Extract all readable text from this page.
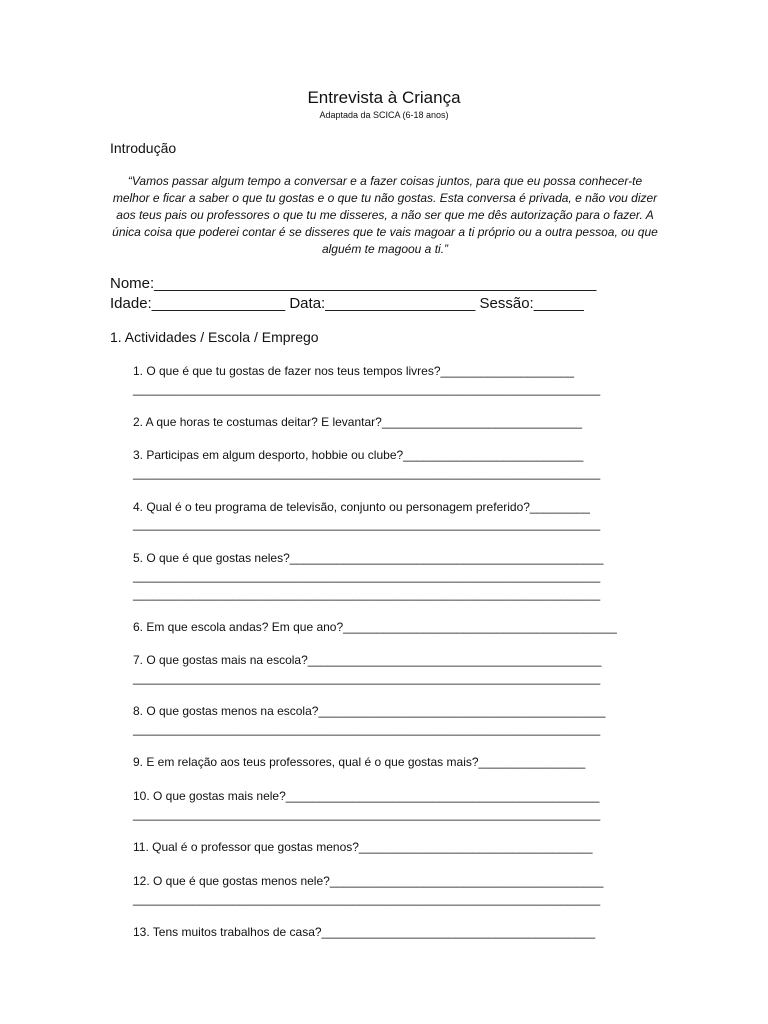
Entrevista à Criança
Adaptada da SCICA (6-18 anos)
Introdução
“Vamos passar algum tempo a conversar e a fazer coisas juntos, para que eu possa conhecer-te melhor e ficar a saber o que tu gostas e o que tu não gostas. Esta conversa é privada, e não vou dizer aos teus pais ou professores o que tu me disseres, a não ser que me dês autorização para o fazer. A única coisa que poderei contar é se disseres que te vais magoar a ti próprio ou a outra pessoa, ou que alguém te magoou a ti.”
Nome:_____________________________________________________
Idade:________________ Data:__________________ Sessão:______
1. Actividades / Escola / Emprego
1. O que é que tu gostas de fazer nos teus tempos livres?____________________
______________________________________________________________________
2. A que horas te costumas deitar? E levantar?______________________________
3. Participas em algum desporto, hobbie ou clube?___________________________
______________________________________________________________________
4. Qual é o teu programa de televisão, conjunto ou personagem preferido?_________
______________________________________________________________________
5. O que é que gostas neles?_______________________________________________
______________________________________________________________________
______________________________________________________________________
6. Em que escola andas? Em que ano?_________________________________________
7. O que gostas mais na escola?____________________________________________
______________________________________________________________________
8. O que gostas menos na escola?___________________________________________
______________________________________________________________________
9. E em relação aos teus professores, qual é o que gostas mais?________________
10. O que gostas mais nele?_______________________________________________
______________________________________________________________________
11. Qual é o professor que gostas menos?___________________________________
12. O que é que gostas menos nele?_________________________________________
______________________________________________________________________
13. Tens muitos trabalhos de casa?_________________________________________
